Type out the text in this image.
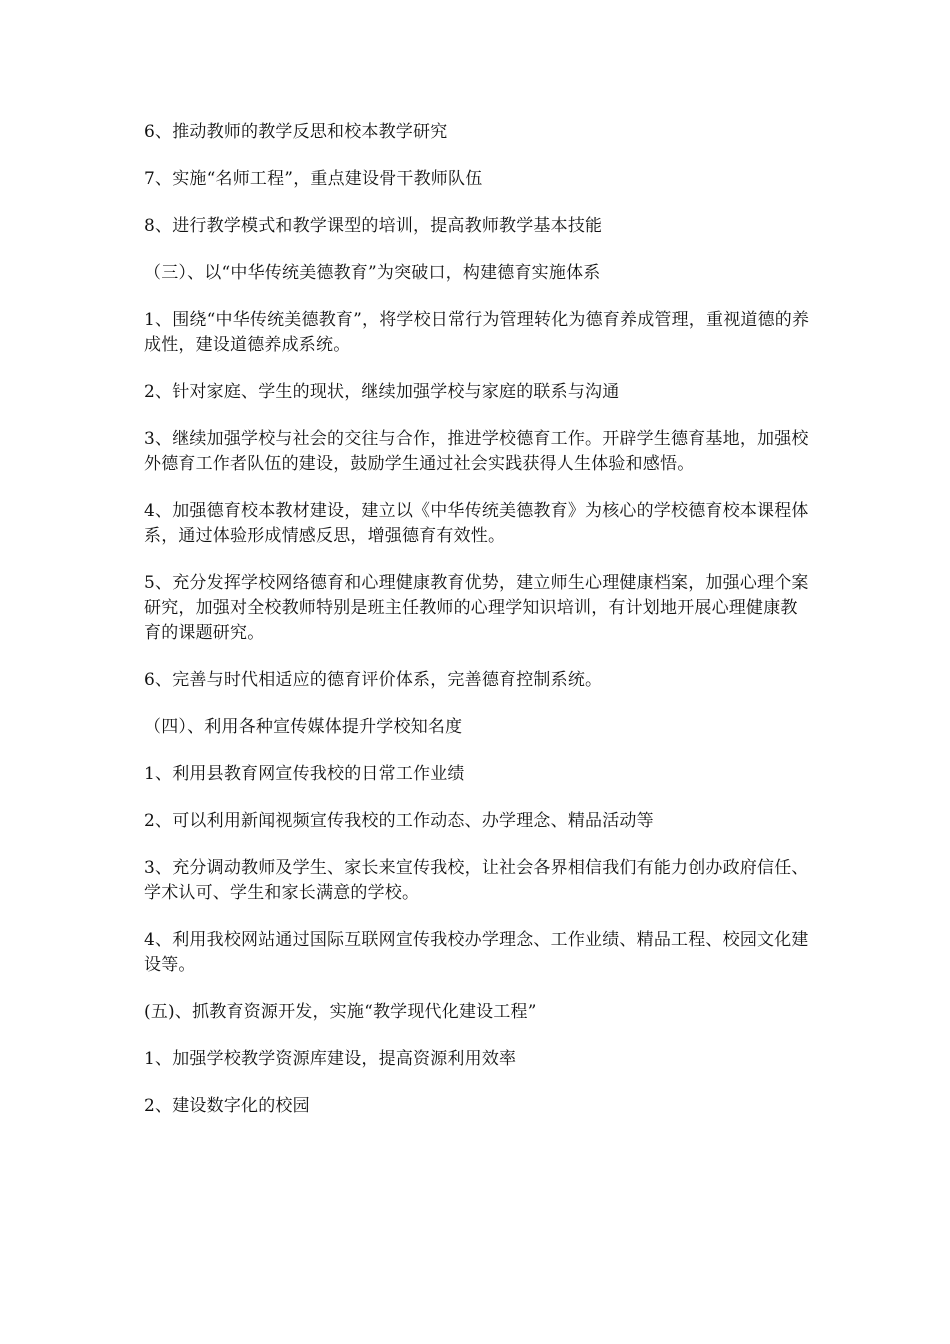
6、推动教师的教学反思和校本教学研究

7、实施“名师工程”，重点建设骨干教师队伍

8、进行教学模式和教学课型的培训，提高教师教学基本技能

（三）、以“中华传统美德教育”为突破口，构建德育实施体系

1、围绕“中华传统美德教育”，将学校日常行为管理转化为德育养成管理，重视道德的养成性，建设道德养成系统。

2、针对家庭、学生的现状，继续加强学校与家庭的联系与沟通

3、继续加强学校与社会的交往与合作，推进学校德育工作。开辟学生德育基地，加强校外德育工作者队伍的建设，鼓励学生通过社会实践获得人生体验和感悟。

4、加强德育校本教材建设，建立以《中华传统美德教育》为核心的学校德育校本课程体系，通过体验形成情感反思，增强德育有效性。

5、充分发挥学校网络德育和心理健康教育优势，建立师生心理健康档案，加强心理个案研究，加强对全校教师特别是班主任教师的心理学知识培训，有计划地开展心理健康教育的课题研究。

6、完善与时代相适应的德育评价体系，完善德育控制系统。

（四）、利用各种宣传媒体提升学校知名度

1、利用县教育网宣传我校的日常工作业绩

2、可以利用新闻视频宣传我校的工作动态、办学理念、精品活动等

3、充分调动教师及学生、家长来宣传我校，让社会各界相信我们有能力创办政府信任、学术认可、学生和家长满意的学校。

4、利用我校网站通过国际互联网宣传我校办学理念、工作业绩、精品工程、校园文化建设等。

(五)、抓教育资源开发，实施“教学现代化建设工程”

1、加强学校教学资源库建设，提高资源利用效率

2、建设数字化的校园
